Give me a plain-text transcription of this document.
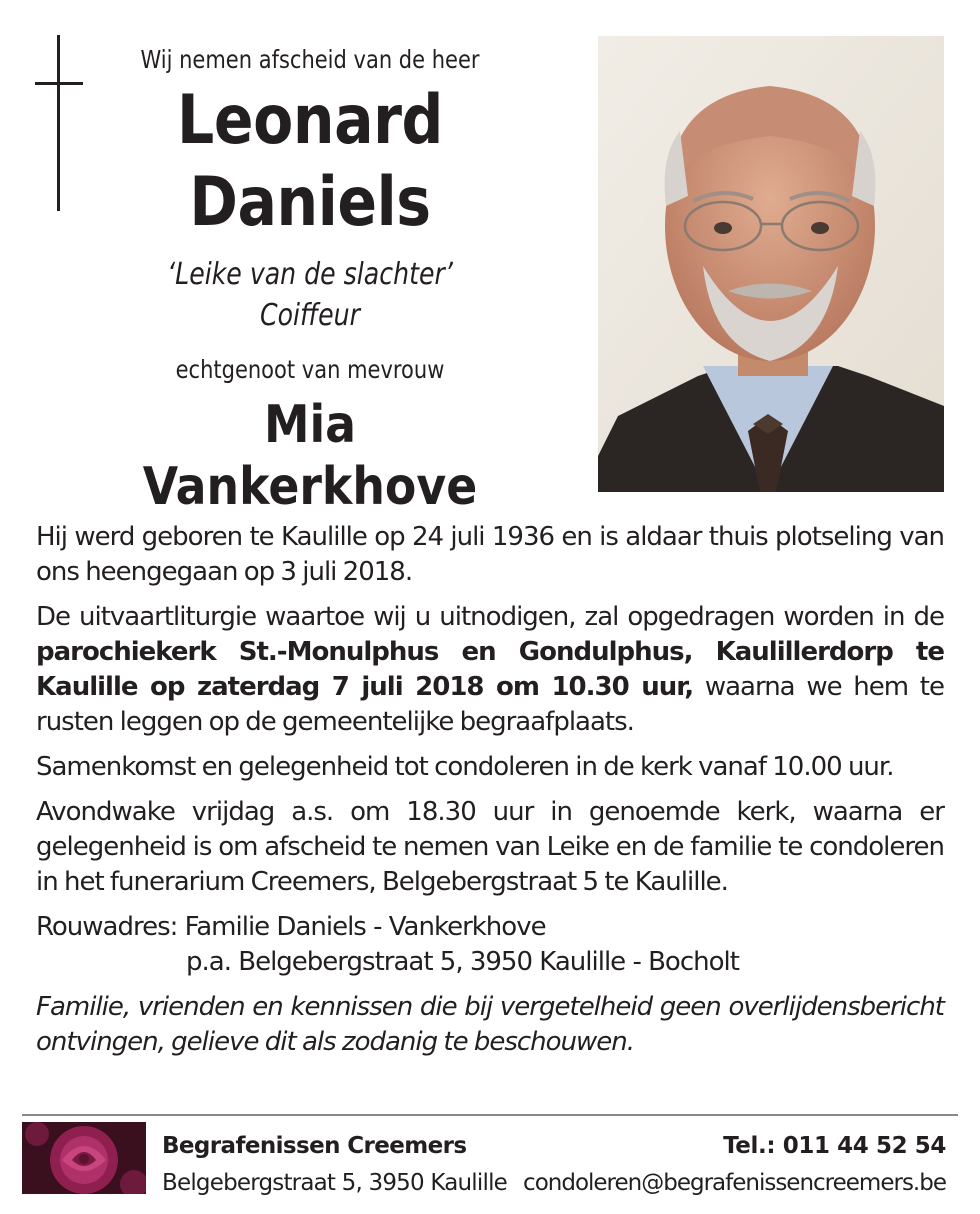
Wij nemen afscheid van de heer
Leonard
Daniels
‘Leike van de slachter’
Coiffeur
echtgenoot van mevrouw
Mia Vankerkhove

Hij werd geboren te Kaulille op 24 juli 1936 en is aldaar thuis plotseling van ons heengegaan op 3 juli 2018.

De uitvaartliturgie waartoe wij u uitnodigen, zal opgedragen worden in de parochiekerk St.-Monulphus en Gondulphus, Kaulillerdorp te Kaulille op zaterdag 7 juli 2018 om 10.30 uur, waarna we hem te rusten leggen op de gemeentelijke begraafplaats.

Samenkomst en gelegenheid tot condoleren in de kerk vanaf 10.00 uur.

Avondwake vrijdag a.s. om 18.30 uur in genoemde kerk, waarna er gelegenheid is om afscheid te nemen van Leike en de familie te condoleren in het funerarium Creemers, Belgebergstraat 5 te Kaulille.

Rouwadres: Familie Daniels - Vankerkhove
p.a. Belgebergstraat 5, 3950 Kaulille - Bocholt

Familie, vrienden en kennissen die bij vergetelheid geen overlijdensbericht ontvingen, gelieve dit als zodanig te beschouwen.

Begrafenissen Creemers
Belgebergstraat 5, 3950 Kaulille
Tel.: 011 44 52 54
condoleren@begrafenissencreemers.be
